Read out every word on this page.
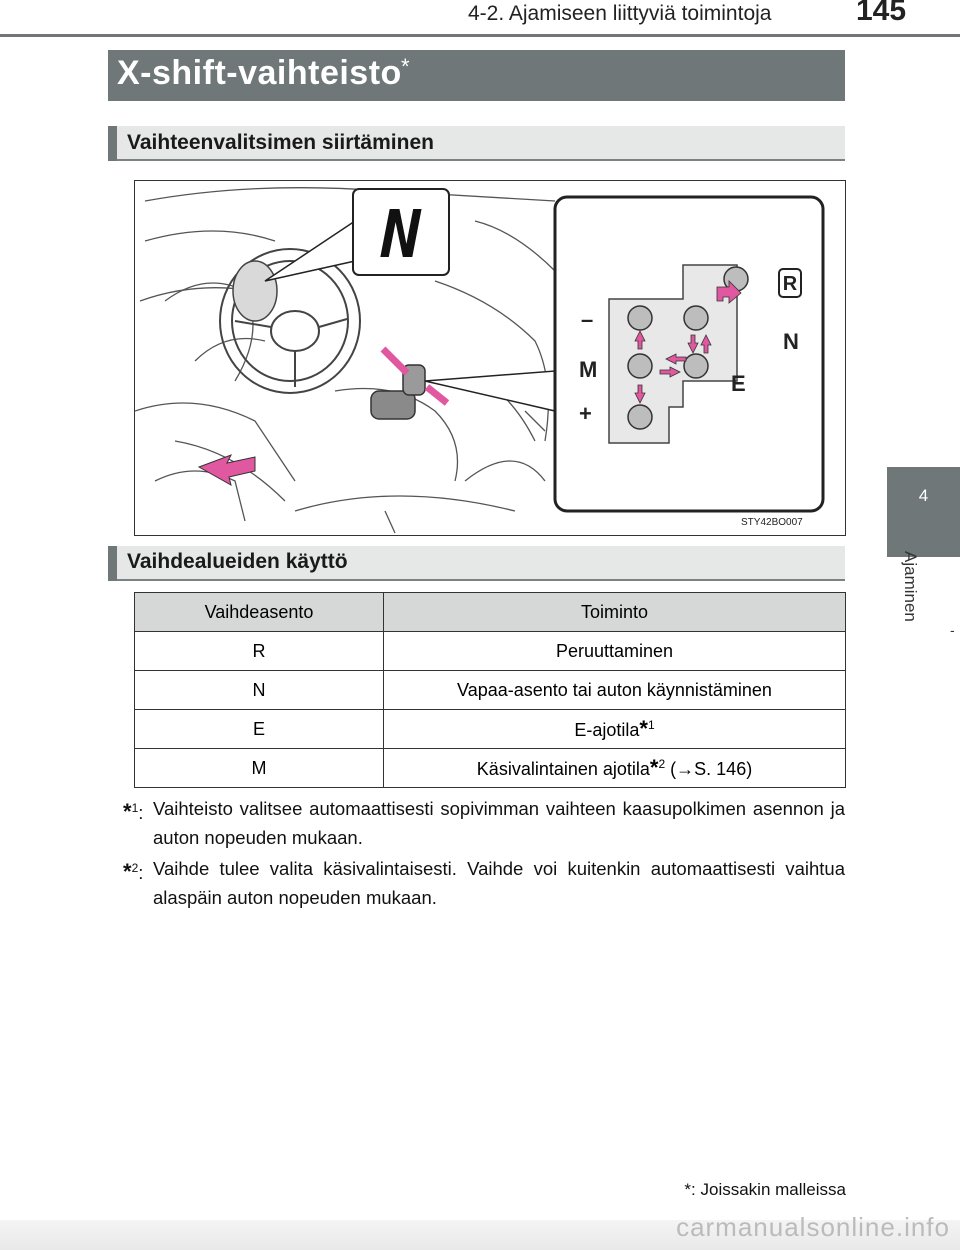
4-2. Ajamiseen liittyviä toimintoja	145
X-shift-vaihteisto *
4
Ajaminen
-
Vaihteenvalitsimen siirtäminen
N
–
M
+
N
E
R
STY42BO007
Vaihdealueiden käyttö
Vaihdeasento	Toiminto
R	Peruuttaminen
N	Vapaa-asento tai auton käynnistäminen
E	E-ajotila*$^1$
M	Käsivalintainen ajotila*$^2$ (→S. 146)
*$^1$: Vaihteisto valitsee automaattisesti sopivimman vaihteen kaasupolkimen asennon ja auton nopeuden mukaan.
*$^2$: Vaihde tulee valita käsivalintaisesti. Vaihde voi kuitenkin automaattisesti vaihtua alaspäin auton nopeuden mukaan.
*: Joissakin malleissa
carmanualsonline.info
